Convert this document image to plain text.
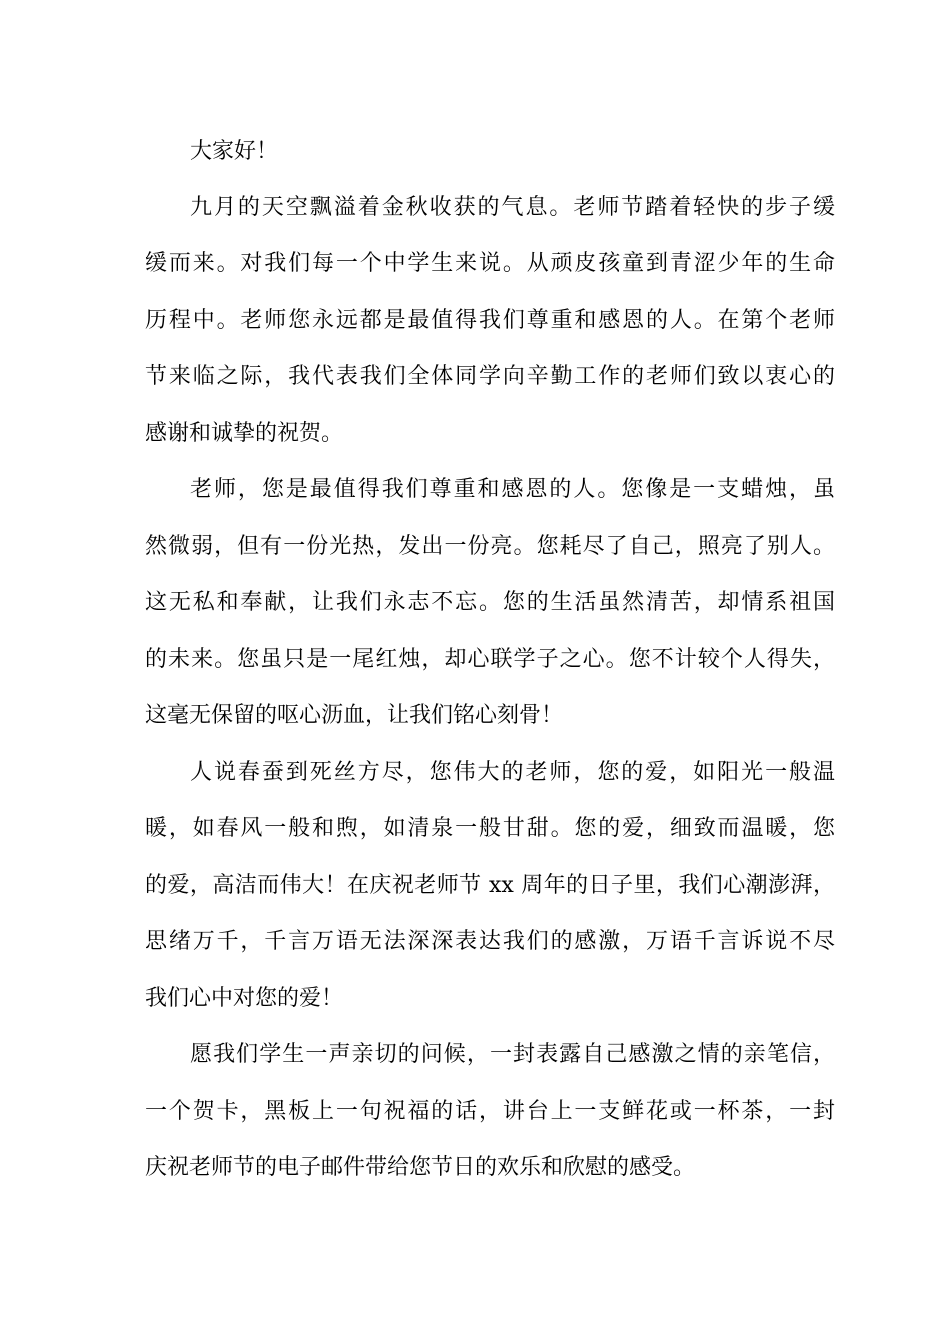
大家好！
九月的天空飘溢着金秋收获的气息。老师节踏着轻快的步子缓
缓而来。对我们每一个中学生来说。从顽皮孩童到青涩少年的生命
历程中。老师您永远都是最值得我们尊重和感恩的人。在第个老师
节来临之际，我代表我们全体同学向辛勤工作的老师们致以衷心的
感谢和诚挚的祝贺。
老师，您是最值得我们尊重和感恩的人。您像是一支蜡烛，虽
然微弱，但有一份光热，发出一份亮。您耗尽了自己，照亮了别人。
这无私和奉献，让我们永志不忘。您的生活虽然清苦，却情系祖国
的未来。您虽只是一尾红烛，却心联学子之心。您不计较个人得失，
这毫无保留的呕心沥血，让我们铭心刻骨！
人说春蚕到死丝方尽，您伟大的老师，您的爱，如阳光一般温
暖，如春风一般和煦，如清泉一般甘甜。您的爱，细致而温暖，您
的爱，高洁而伟大！在庆祝老师节 xx 周年的日子里，我们心潮澎湃，
思绪万千，千言万语无法深深表达我们的感激，万语千言诉说不尽
我们心中对您的爱！
愿我们学生一声亲切的问候，一封表露自己感激之情的亲笔信，
一个贺卡，黑板上一句祝福的话，讲台上一支鲜花或一杯茶，一封
庆祝老师节的电子邮件带给您节日的欢乐和欣慰的感受。
